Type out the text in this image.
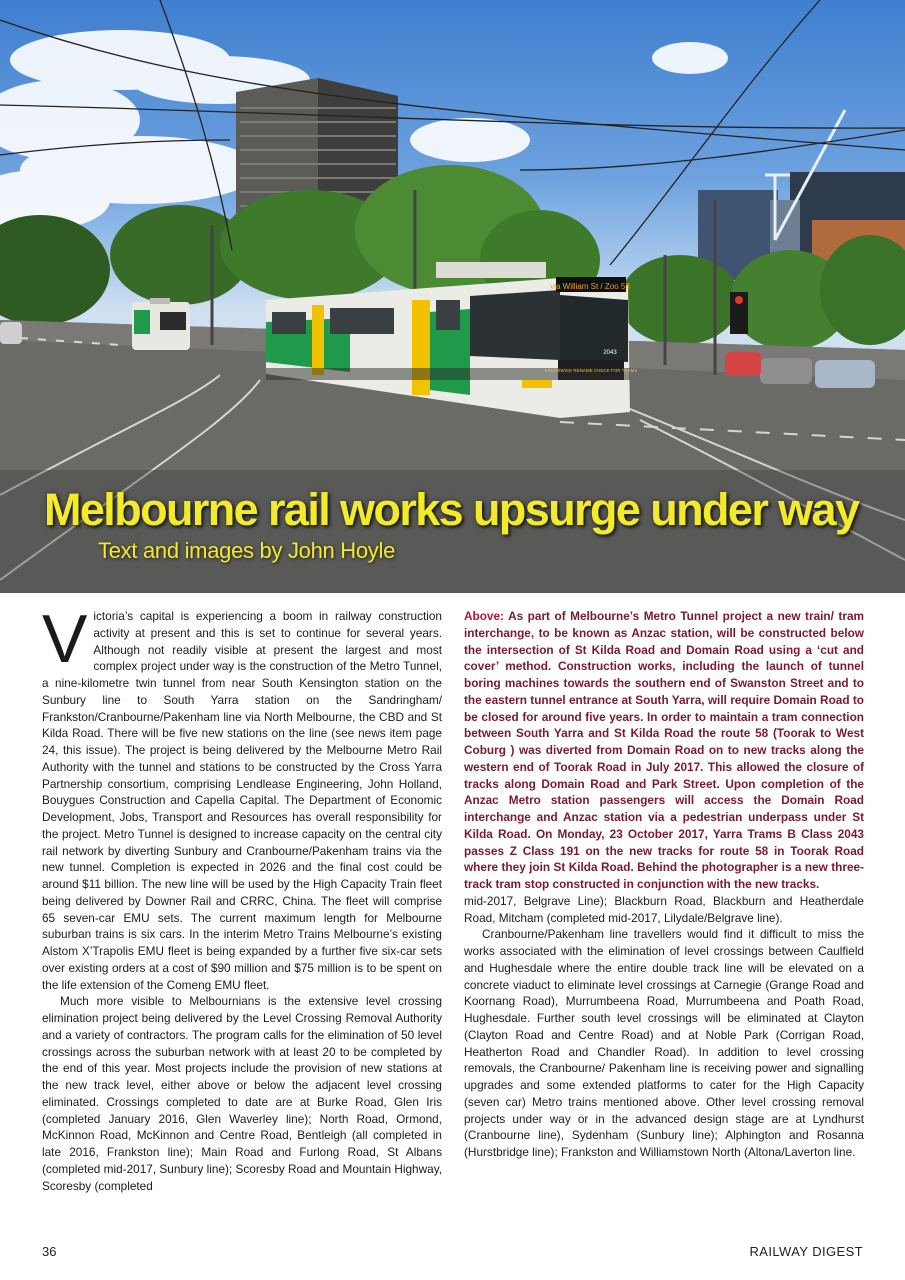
via William St / Zoo 58
2043
BRUNSWICK RENAME CHECK FOR TRAMS
Melbourne rail works upsurge under way

Text and images by John Hoyle

Victoria’s capital is experiencing a boom in railway construction activity at present and this is set to continue for several years. Although not readily visible at present the largest and most complex project under way is the construction of the Metro Tunnel, a nine-kilometre twin tunnel from near South Kensington station on the Sunbury line to South Yarra station on the Sandringham/ Frankston/Cranbourne/Pakenham line via North Melbourne, the CBD and St Kilda Road. There will be five new stations on the line (see news item page 24, this issue). The project is being delivered by the Melbourne Metro Rail Authority with the tunnel and stations to be constructed by the Cross Yarra Partnership consortium, comprising Lendlease Engineering, John Holland, Bouygues Construction and Capella Capital. The Department of Economic Development, Jobs, Transport and Resources has overall responsibility for the project. Metro Tunnel is designed to increase capacity on the central city rail network by diverting Sunbury and Cranbourne/Pakenham trains via the new tunnel. Completion is expected in 2026 and the final cost could be around $11 billion. The new line will be used by the High Capacity Train fleet being delivered by Downer Rail and CRRC, China. The fleet will comprise 65 seven-car EMU sets. The current maximum length for Melbourne suburban trains is six cars. In the interim Metro Trains Melbourne’s existing Alstom X’Trapolis EMU fleet is being expanded by a further five six-car sets over existing orders at a cost of $90 million and $75 million is to be spent on the life extension of the Comeng EMU fleet.

Much more visible to Melbournians is the extensive level crossing elimination project being delivered by the Level Crossing Removal Authority and a variety of contractors. The program calls for the elimination of 50 level crossings across the suburban network with at least 20 to be completed by the end of this year. Most projects include the provision of new stations at the new track level, either above or below the adjacent level crossing eliminated. Crossings completed to date are at Burke Road, Glen Iris (completed January 2016, Glen Waverley line); North Road, Ormond, McKinnon Road, McKinnon and Centre Road, Bentleigh (all completed in late 2016, Frankston line); Main Road and Furlong Road, St Albans (completed mid-2017, Sunbury line); Scoresby Road and Mountain Highway, Scoresby (completed

Above: As part of Melbourne’s Metro Tunnel project a new train/ tram interchange, to be known as Anzac station, will be constructed below the intersection of St Kilda Road and Domain Road using a ‘cut and cover’ method. Construction works, including the launch of tunnel boring machines towards the southern end of Swanston Street and to the eastern tunnel entrance at South Yarra, will require Domain Road to be closed for around five years. In order to maintain a tram connection between South Yarra and St Kilda Road the route 58 (Toorak to West Coburg ) was diverted from Domain Road on to new tracks along the western end of Toorak Road in July 2017. This allowed the closure of tracks along Domain Road and Park Street. Upon completion of the Anzac Metro station passengers will access the Domain Road interchange and Anzac station via a pedestrian underpass under St Kilda Road. On Monday, 23 October 2017, Yarra Trams B Class 2043 passes Z Class 191 on the new tracks for route 58 in Toorak Road where they join St Kilda Road. Behind the photographer is a new three-track tram stop constructed in conjunction with the new tracks.

mid-2017, Belgrave Line); Blackburn Road, Blackburn and Heatherdale Road, Mitcham (completed mid-2017, Lilydale/Belgrave line).

Cranbourne/Pakenham line travellers would find it difficult to miss the works associated with the elimination of level crossings between Caulfield and Hughesdale where the entire double track line will be elevated on a concrete viaduct to eliminate level crossings at Carnegie (Grange Road and Koornang Road), Murrumbeena Road, Murrumbeena and Poath Road, Hughesdale. Further south level crossings will be eliminated at Clayton (Clayton Road and Centre Road) and at Noble Park (Corrigan Road, Heatherton Road and Chandler Road). In addition to level crossing removals, the Cranbourne/ Pakenham line is receiving power and signalling upgrades and some extended platforms to cater for the High Capacity (seven car) Metro trains mentioned above. Other level crossing removal projects under way or in the advanced design stage are at Lyndhurst (Cranbourne line), Sydenham (Sunbury line); Alphington and Rosanna (Hurstbridge line); Frankston and Williamstown North (Altona/Laverton line.

36	RAILWAY DIGEST
